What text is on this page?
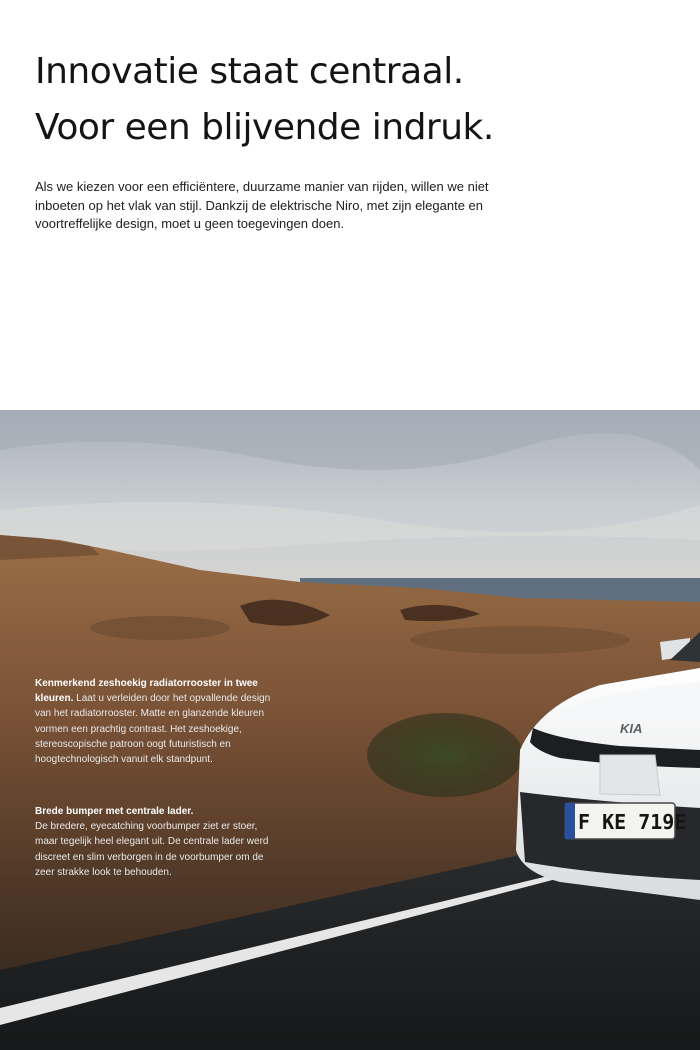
Innovatie staat centraal.
Voor een blijvende indruk.

Als we kiezen voor een efficiëntere, duurzame manier van rijden, willen we niet inboeten op het vlak van stijl. Dankzij de elektrische Niro, met zijn elegante en voortreffelijke design, moet u geen toegevingen doen.

KIA
F KE 719E
Kenmerkend zeshoekig radiatorrooster in twee kleuren. Laat u verleiden door het opvallende design van het radiatorrooster. Matte en glanzende kleuren vormen een prachtig contrast. Het zeshoekige, stereoscopische patroon oogt futuristisch en hoogtechnologisch vanuit elk standpunt.
Brede bumper met centrale lader.
De bredere, eyecatching voorbumper ziet er stoer, maar tegelijk heel elegant uit. De centrale lader werd discreet en slim verborgen in de voorbumper om de zeer strakke look te behouden.
